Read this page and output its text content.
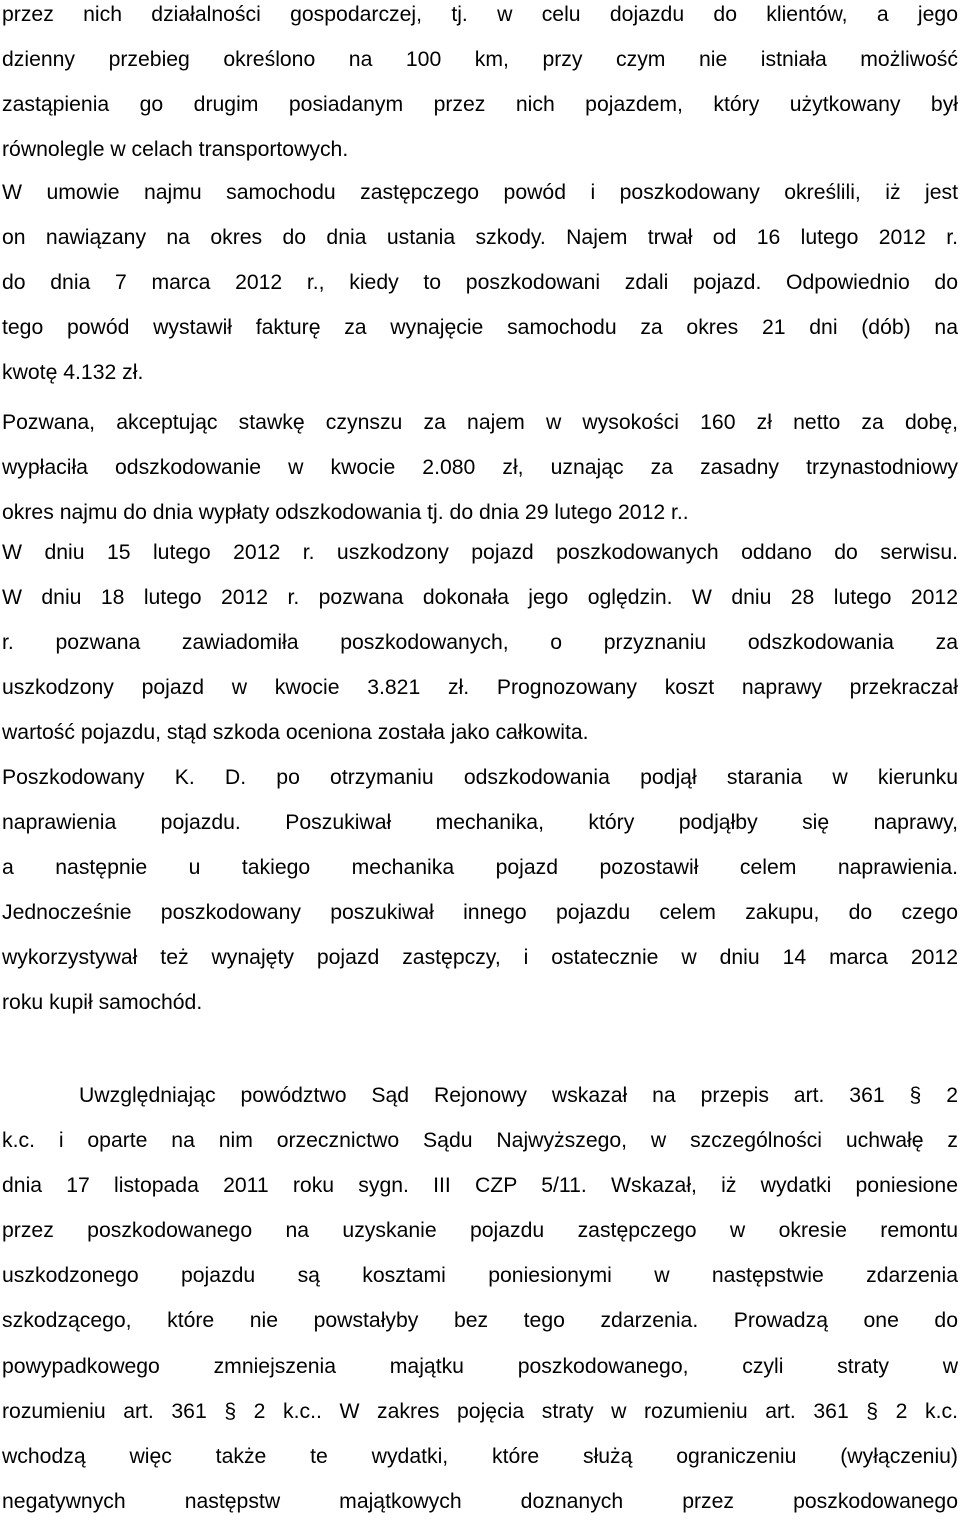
przez nich działalności gospodarczej, tj. w celu dojazdu do klientów, a jego
dzienny przebieg określono na 100 km, przy czym nie istniała możliwość
zastąpienia go drugim posiadanym przez nich pojazdem, który użytkowany był
równolegle w celach transportowych.
W umowie najmu samochodu zastępczego powód i poszkodowany określili, iż jest
on nawiązany na okres do dnia ustania szkody. Najem trwał od 16 lutego 2012 r.
do dnia 7 marca 2012 r., kiedy to poszkodowani zdali pojazd. Odpowiednio do
tego powód wystawił fakturę za wynajęcie samochodu za okres 21 dni (dób) na
kwotę 4.132 zł.
Pozwana, akceptując stawkę czynszu za najem w wysokości 160 zł netto za dobę,
wypłaciła odszkodowanie w kwocie 2.080 zł, uznając za zasadny trzynastodniowy
okres najmu do dnia wypłaty odszkodowania tj. do dnia 29 lutego 2012 r..
W dniu 15 lutego 2012 r. uszkodzony pojazd poszkodowanych oddano do serwisu.
W dniu 18 lutego 2012 r. pozwana dokonała jego oględzin. W dniu 28 lutego 2012
r. pozwana zawiadomiła poszkodowanych, o przyznaniu odszkodowania za
uszkodzony pojazd w kwocie 3.821 zł. Prognozowany koszt naprawy przekraczał
wartość pojazdu, stąd szkoda oceniona została jako całkowita.
Poszkodowany K. D. po otrzymaniu odszkodowania podjął starania w kierunku
naprawienia pojazdu. Poszukiwał mechanika, który podjąłby się naprawy,
a następnie u takiego mechanika pojazd pozostawił celem naprawienia.
Jednocześnie poszkodowany poszukiwał innego pojazdu celem zakupu, do czego
wykorzystywał też wynajęty pojazd zastępczy, i ostatecznie w dniu 14 marca 2012
roku kupił samochód.
Uwzględniając powództwo Sąd Rejonowy wskazał na przepis art. 361 § 2
k.c. i oparte na nim orzecznictwo Sądu Najwyższego, w szczególności uchwałę z
dnia 17 listopada 2011 roku sygn. III CZP 5/11. Wskazał, iż wydatki poniesione
przez poszkodowanego na uzyskanie pojazdu zastępczego w okresie remontu
uszkodzonego pojazdu są kosztami poniesionymi w następstwie zdarzenia
szkodzącego, które nie powstałyby bez tego zdarzenia. Prowadzą one do
powypadkowego zmniejszenia majątku poszkodowanego, czyli straty w
rozumieniu art. 361 § 2 k.c.. W zakres pojęcia straty w rozumieniu art. 361 § 2 k.c.
wchodzą więc także te wydatki, które służą ograniczeniu (wyłączeniu)
negatywnych następstw majątkowych doznanych przez poszkodowanego
